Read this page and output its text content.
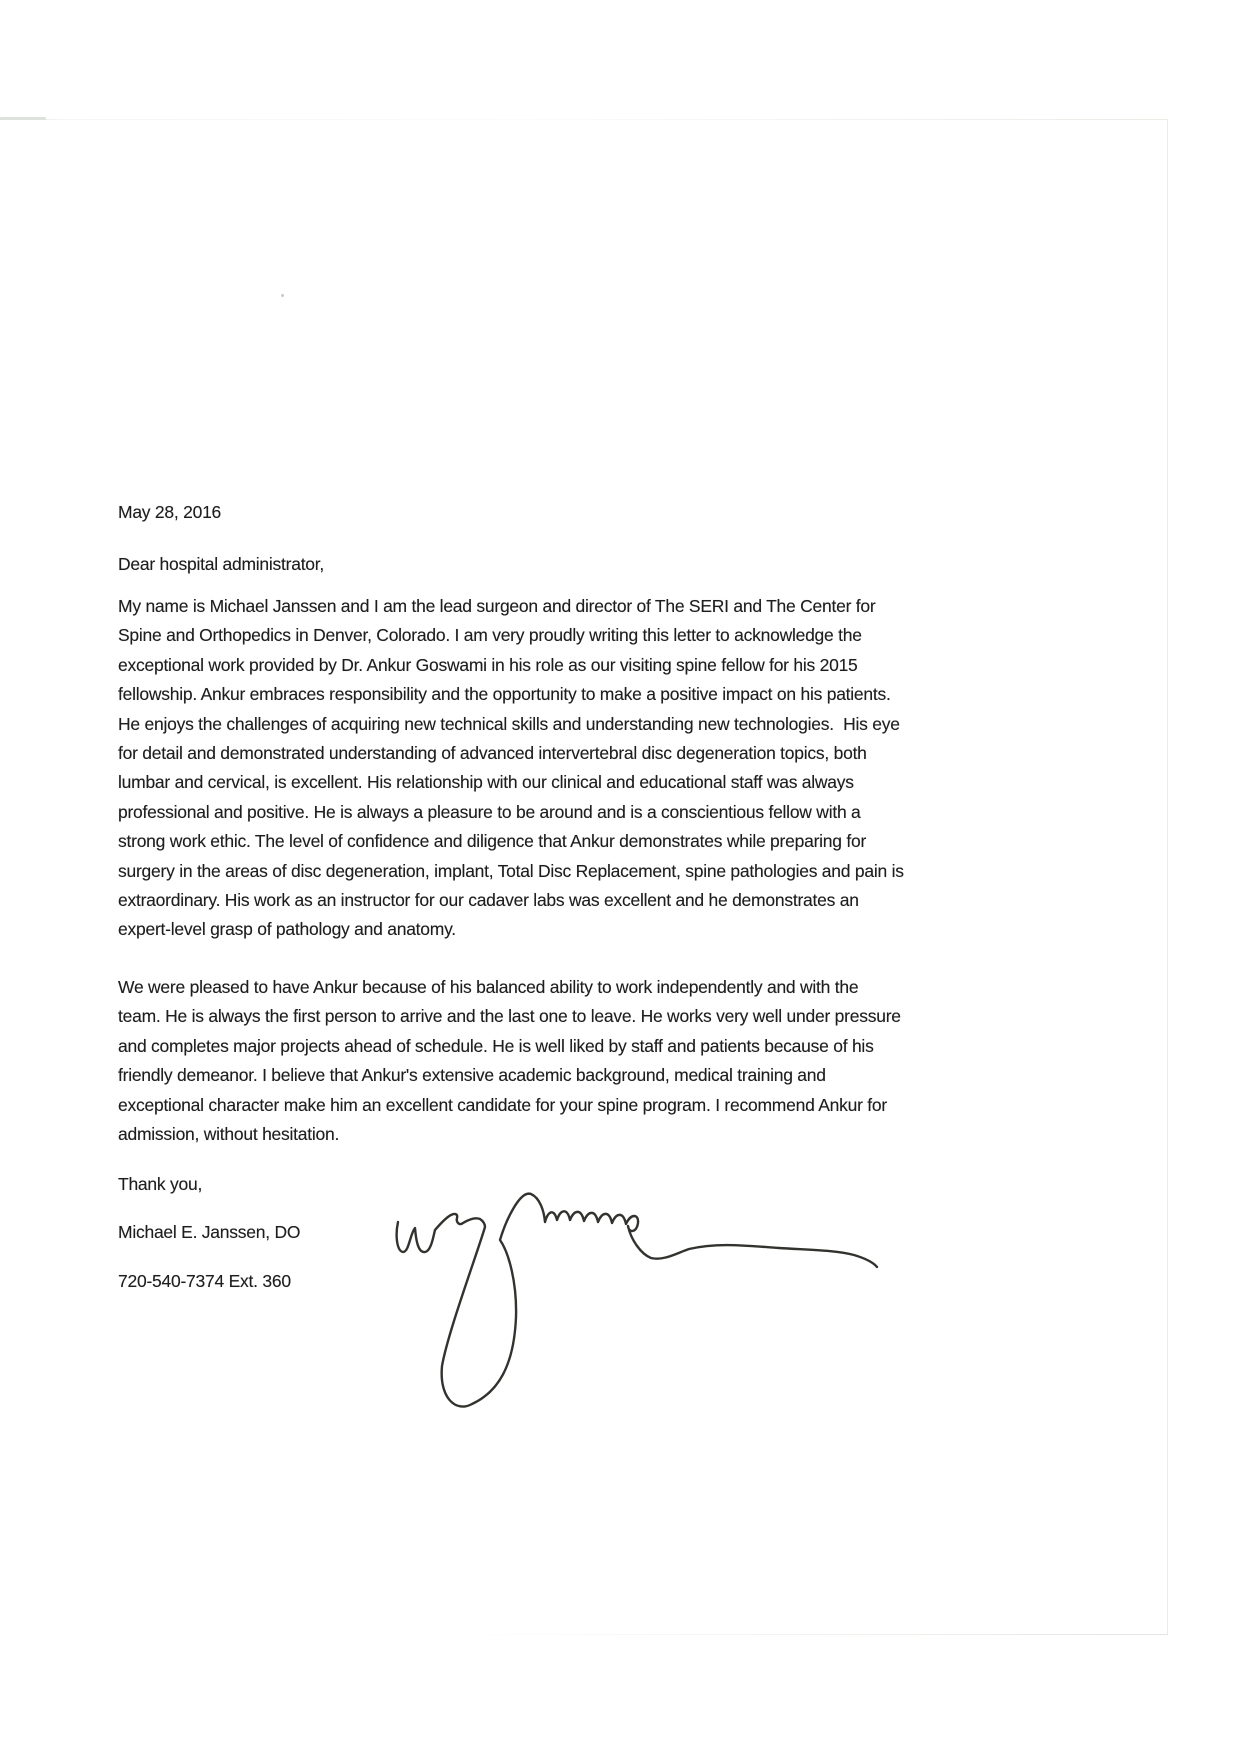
May 28, 2016
Dear hospital administrator,
My name is Michael Janssen and I am the lead surgeon and director of The SERI and The Center for
Spine and Orthopedics in Denver, Colorado. I am very proudly writing this letter to acknowledge the
exceptional work provided by Dr. Ankur Goswami in his role as our visiting spine fellow for his 2015
fellowship. Ankur embraces responsibility and the opportunity to make a positive impact on his patients.
He enjoys the challenges of acquiring new technical skills and understanding new technologies.  His eye
for detail and demonstrated understanding of advanced intervertebral disc degeneration topics, both
lumbar and cervical, is excellent. His relationship with our clinical and educational staff was always
professional and positive. He is always a pleasure to be around and is a conscientious fellow with a
strong work ethic. The level of confidence and diligence that Ankur demonstrates while preparing for
surgery in the areas of disc degeneration, implant, Total Disc Replacement, spine pathologies and pain is
extraordinary. His work as an instructor for our cadaver labs was excellent and he demonstrates an
expert-level grasp of pathology and anatomy.
We were pleased to have Ankur because of his balanced ability to work independently and with the
team. He is always the first person to arrive and the last one to leave. He works very well under pressure
and completes major projects ahead of schedule. He is well liked by staff and patients because of his
friendly demeanor. I believe that Ankur's extensive academic background, medical training and
exceptional character make him an excellent candidate for your spine program. I recommend Ankur for
admission, without hesitation.
Thank you,
Michael E. Janssen, DO
720-540-7374 Ext. 360
